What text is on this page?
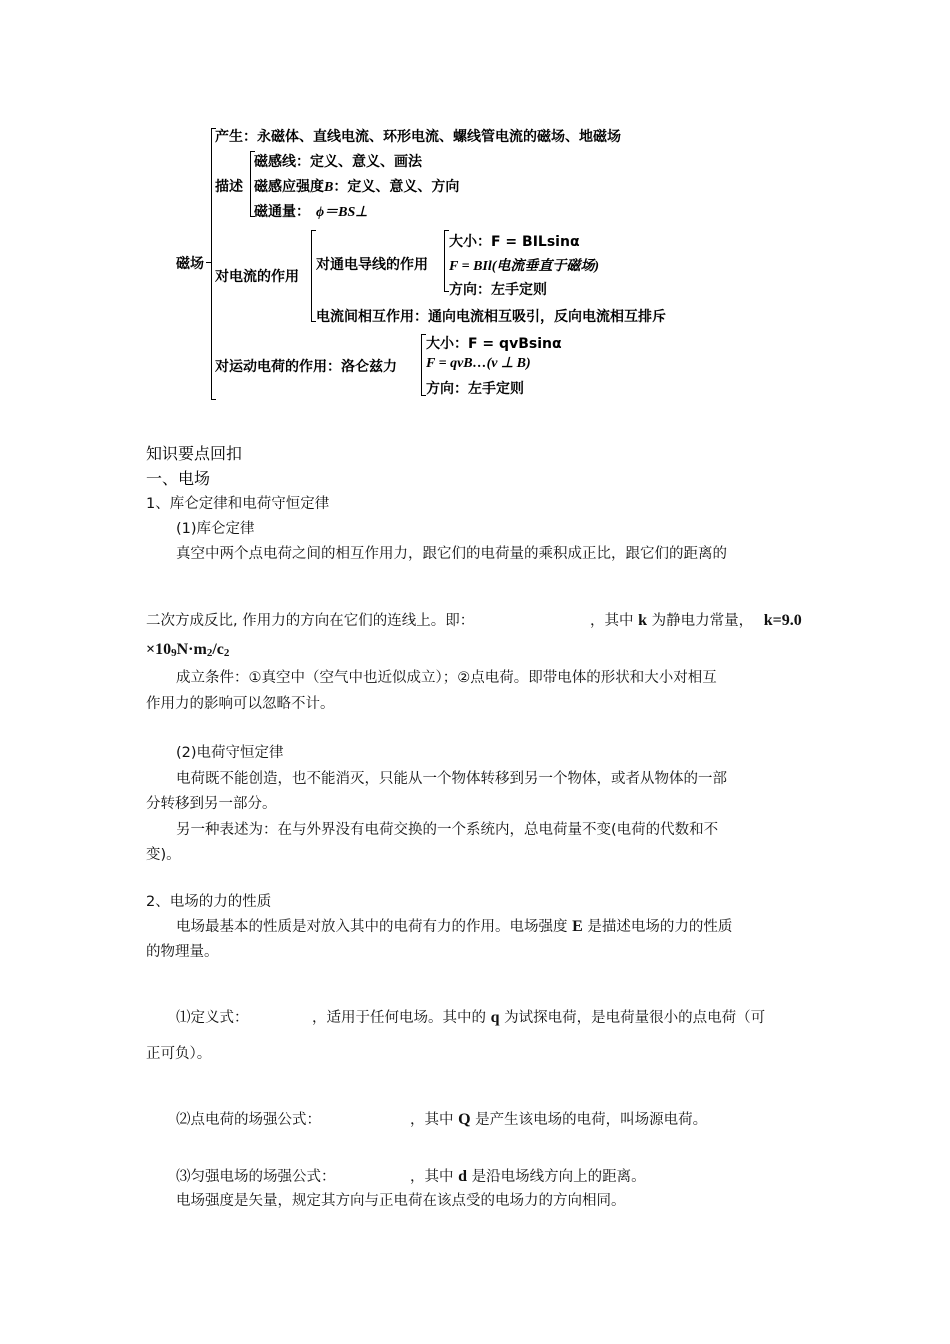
磁场
产生：永磁体、直线电流、环形电流、螺线管电流的磁场、地磁场
描述
磁感线：定义、意义、画法
磁感应强度B：定义、意义、方向
磁通量： ϕ＝BS⊥
对电流的作用
对通电导线的作用
大小：F = BILsinα
F = BIl(电流垂直于磁场)
方向：左手定则
电流间相互作用：通向电流相互吸引，反向电流相互排斥
对运动电荷的作用：洛仑兹力
大小：F = qvBsinα
F = qvB…(v ⊥ B)
方向：左手定则
知识要点回扣
一、电场
1、库仑定律和电荷守恒定律
(1)库仑定律
真空中两个点电荷之间的相互作用力，跟它们的电荷量的乘积成正比，跟它们的距离的
二次方成反比, 作用力的方向在它们的连线上。即：	，其中 k 为静电力常量， k=9.0
×109N·m2/c2
成立条件：①真空中（空气中也近似成立）；②点电荷。即带电体的形状和大小对相互
作用力的影响可以忽略不计。
(2)电荷守恒定律
电荷既不能创造，也不能消灭，只能从一个物体转移到另一个物体，或者从物体的一部
分转移到另一部分。
另一种表述为：在与外界没有电荷交换的一个系统内，总电荷量不变(电荷的代数和不
变)。
2、电场的力的性质
电场最基本的性质是对放入其中的电荷有力的作用。电场强度 E 是描述电场的力的性质
的物理量。
⑴定义式：	，适用于任何电场。其中的 q 为试探电荷，是电荷量很小的点电荷（可
正可负）。
⑵点电荷的场强公式：	，其中 Q 是产生该电场的电荷，叫场源电荷。
⑶匀强电场的场强公式：	，其中 d 是沿电场线方向上的距离。
电场强度是矢量，规定其方向与正电荷在该点受的电场力的方向相同。
